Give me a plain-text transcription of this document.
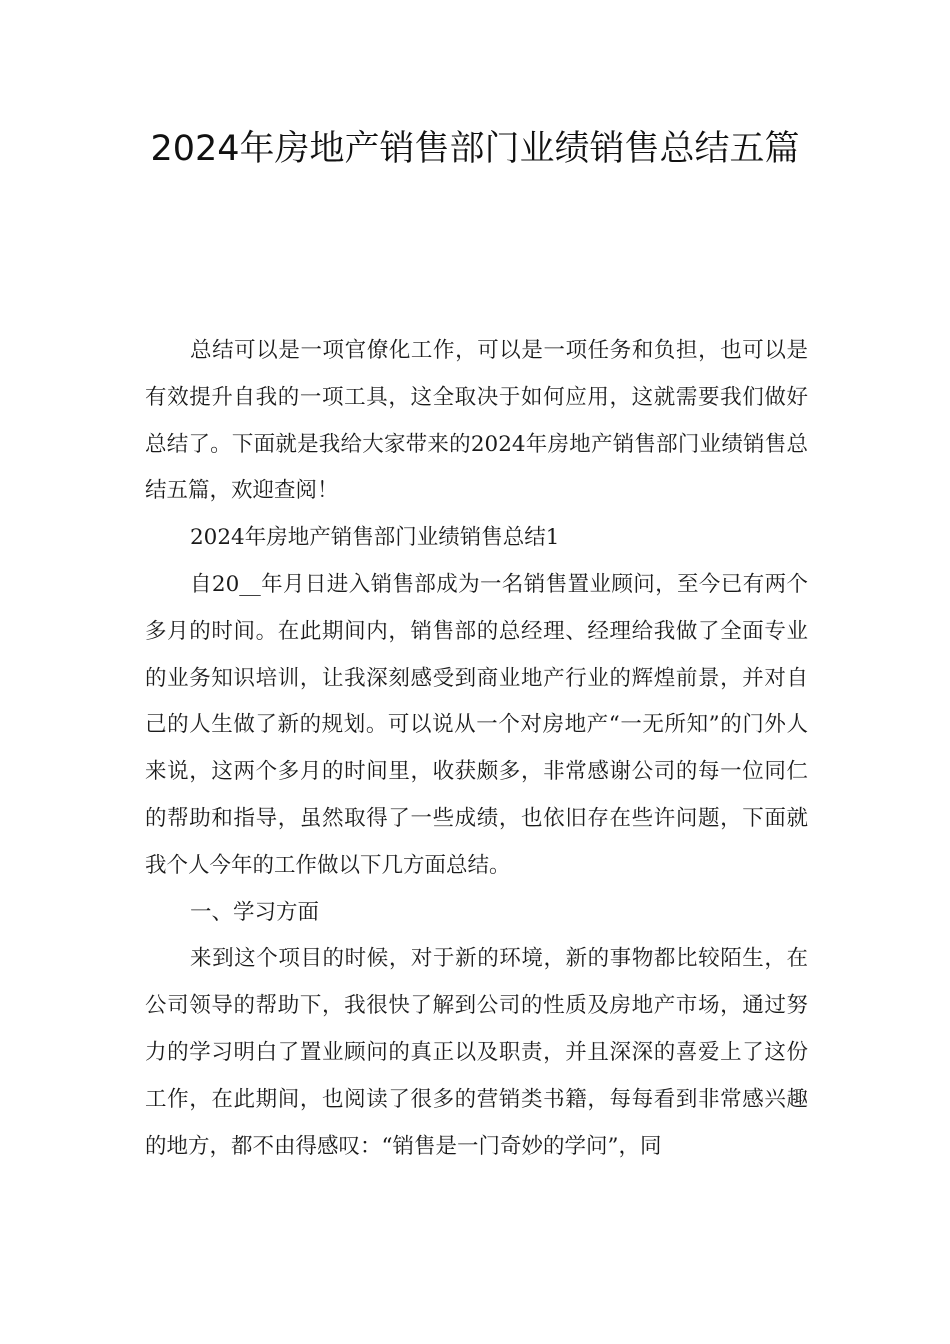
2024年房地产销售部门业绩销售总结五篇

总结可以是一项官僚化工作，可以是一项任务和负担，也可以是有效提升自我的一项工具，这全取决于如何应用，这就需要我们做好总结了。下面就是我给大家带来的2024年房地产销售部门业绩销售总结五篇，欢迎查阅！

2024年房地产销售部门业绩销售总结1

自20__年月日进入销售部成为一名销售置业顾问，至今已有两个多月的时间。在此期间内，销售部的总经理、经理给我做了全面专业的业务知识培训，让我深刻感受到商业地产行业的辉煌前景，并对自己的人生做了新的规划。可以说从一个对房地产“一无所知”的门外人来说，这两个多月的时间里，收获颇多，非常感谢公司的每一位同仁的帮助和指导，虽然取得了一些成绩，也依旧存在些许问题，下面就我个人今年的工作做以下几方面总结。

一、学习方面

来到这个项目的时候，对于新的环境，新的事物都比较陌生，在公司领导的帮助下，我很快了解到公司的性质及房地产市场，通过努力的学习明白了置业顾问的真正以及职责，并且深深的喜爱上了这份工作，在此期间，也阅读了很多的营销类书籍，每每看到非常感兴趣的地方，都不由得感叹：“销售是一门奇妙的学问”，同
